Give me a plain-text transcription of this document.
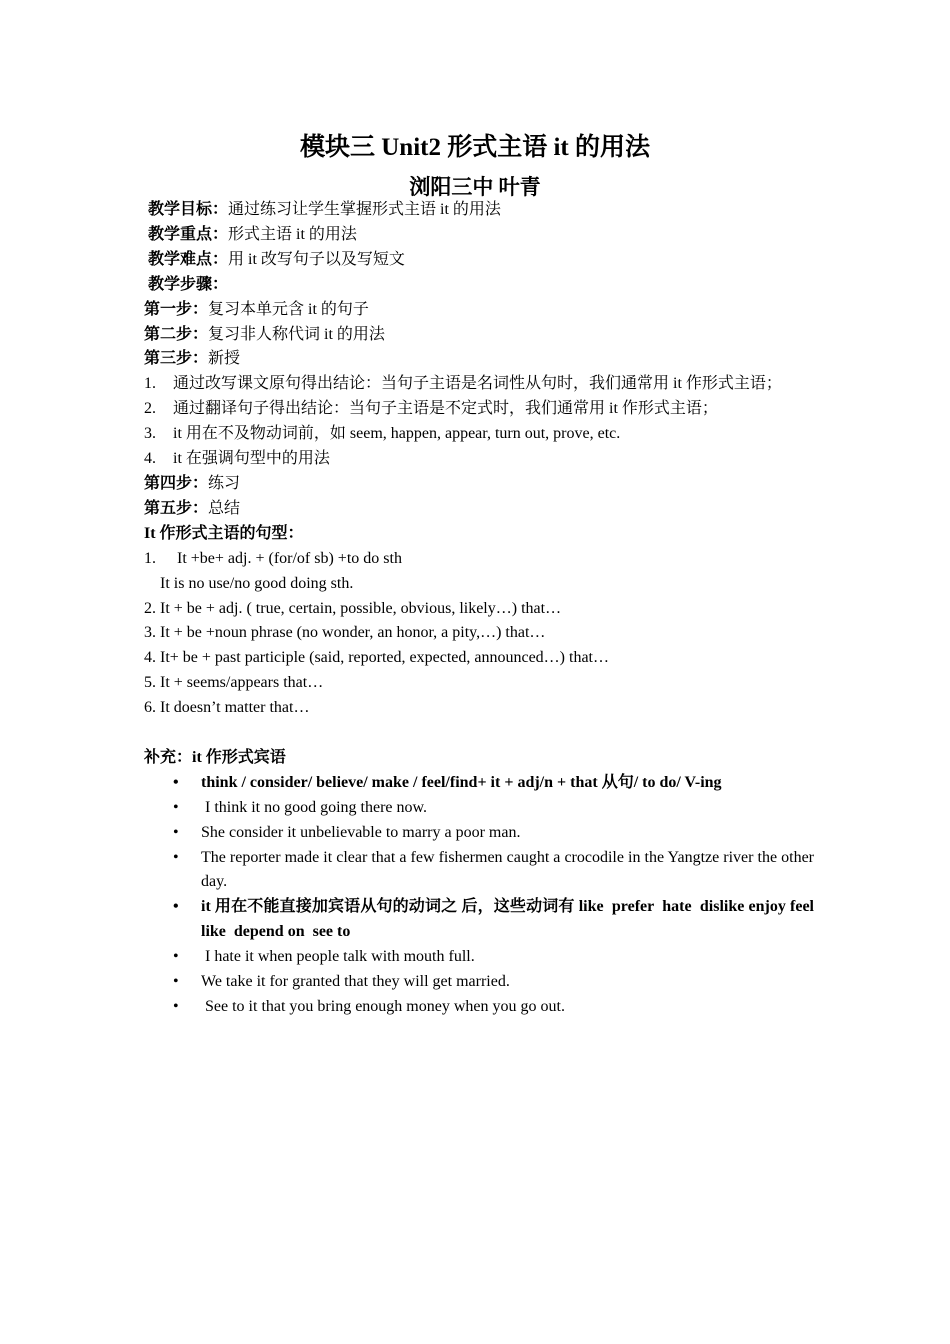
模块三 Unit2 形式主语 it 的用法
浏阳三中 叶青
教学目标：通过练习让学生掌握形式主语 it 的用法
教学重点：形式主语 it 的用法
教学难点：用 it 改写句子以及写短文
教学步骤：
第一步：复习本单元含 it 的句子
第二步：复习非人称代词 it 的用法
第三步：新授
1. 通过改写课文原句得出结论：当句子主语是名词性从句时，我们通常用 it 作形式主语；
2. 通过翻译句子得出结论：当句子主语是不定式时，我们通常用 it 作形式主语；
3. it 用在不及物动词前，如 seem, happen, appear, turn out, prove, etc.
4. it 在强调句型中的用法
第四步：练习
第五步：总结
It 作形式主语的句型：
1. It +be+ adj. + (for/of sb) +to do sth
It is no use/no good doing sth.
2. It + be + adj. ( true, certain, possible, obvious, likely…) that…
3. It + be +noun phrase (no wonder, an honor, a pity,…) that…
4. It+ be + past participle (said, reported, expected, announced…) that…
5. It + seems/appears that…
6. It doesn’t matter that…
补充：it 作形式宾语
• think / consider/ believe/ make / feel/find+ it + adj/n + that 从句/ to do/ V-ing
• I think it no good going there now.
• She consider it unbelievable to marry a poor man.
• The reporter made it clear that a few fishermen caught a crocodile in the Yangtze river the other day.
• it 用在不能直接加宾语从句的动词之 后，这些动词有 like  prefer  hate  dislike enjoy feel like  depend on  see to
• I hate it when people talk with mouth full.
• We take it for granted that they will get married.
• See to it that you bring enough money when you go out.
